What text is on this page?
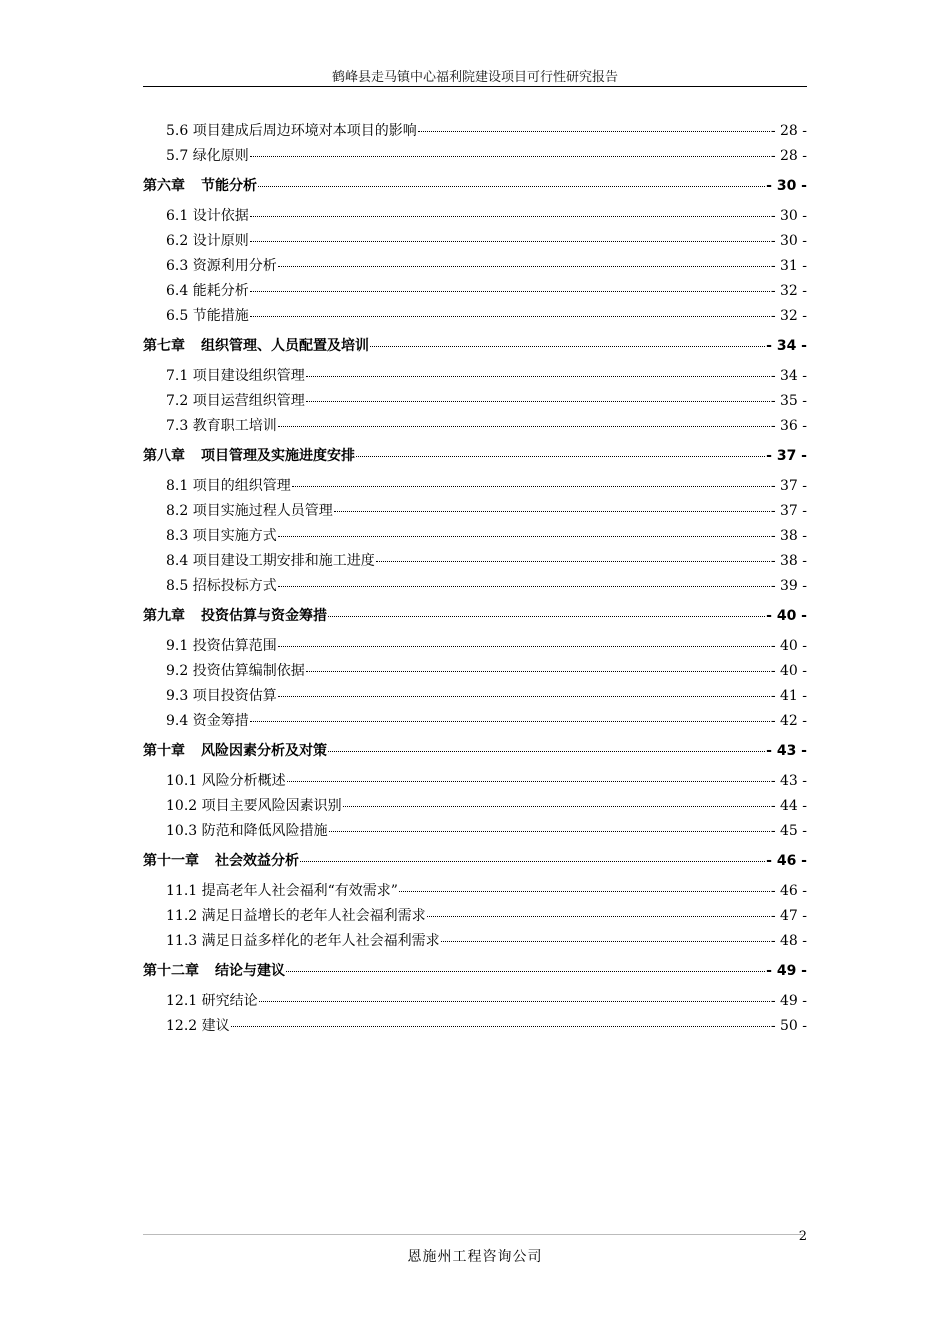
鹤峰县走马镇中心福利院建设项目可行性研究报告
5.6 项目建成后周边环境对本项目的影响	- 28 -
5.7 绿化原则	- 28 -
第六章 节能分析	- 30 -
6.1 设计依据	- 30 -
6.2 设计原则	- 30 -
6.3 资源利用分析	- 31 -
6.4 能耗分析	- 32 -
6.5 节能措施	- 32 -
第七章 组织管理、人员配置及培训	- 34 -
7.1 项目建设组织管理	- 34 -
7.2 项目运营组织管理	- 35 -
7.3 教育职工培训	- 36 -
第八章 项目管理及实施进度安排	- 37 -
8.1 项目的组织管理	- 37 -
8.2 项目实施过程人员管理	- 37 -
8.3 项目实施方式	- 38 -
8.4 项目建设工期安排和施工进度	- 38 -
8.5 招标投标方式	- 39 -
第九章 投资估算与资金筹措	- 40 -
9.1 投资估算范围	- 40 -
9.2 投资估算编制依据	- 40 -
9.3 项目投资估算	- 41 -
9.4 资金筹措	- 42 -
第十章 风险因素分析及对策	- 43 -
10.1 风险分析概述	- 43 -
10.2 项目主要风险因素识别	- 44 -
10.3 防范和降低风险措施	- 45 -
第十一章 社会效益分析	- 46 -
11.1 提高老年人社会福利“有效需求”	- 46 -
11.2 满足日益增长的老年人社会福利需求	- 47 -
11.3 满足日益多样化的老年人社会福利需求	- 48 -
第十二章 结论与建议	- 49 -
12.1 研究结论	- 49 -
12.2 建议	- 50 -
2
恩施州工程咨询公司
